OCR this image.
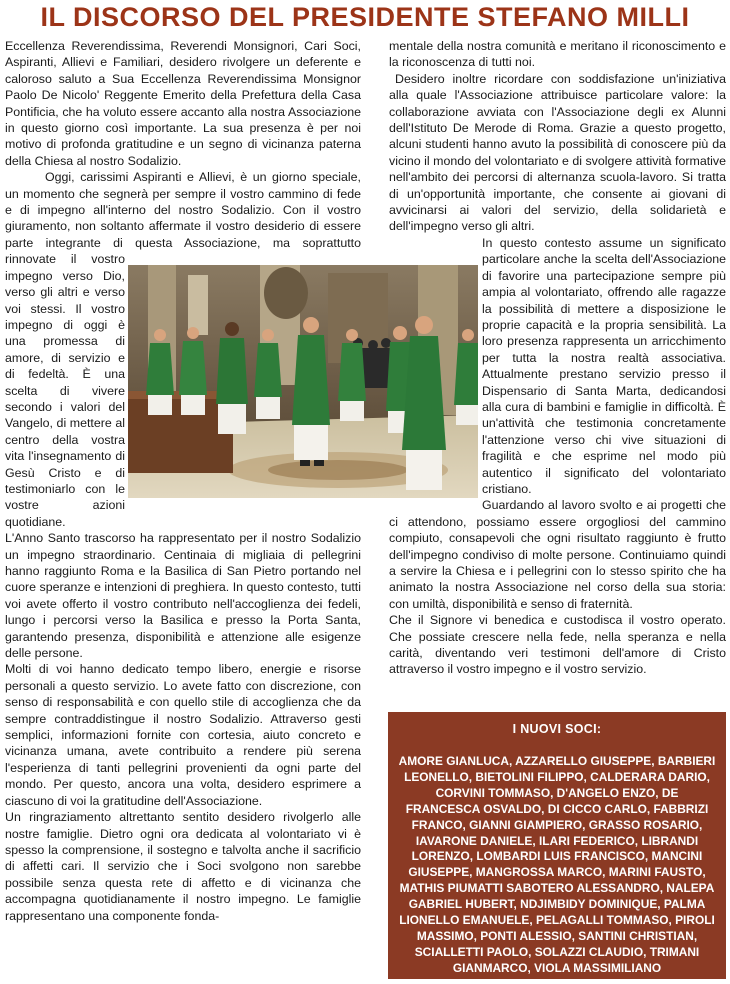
IL DISCORSO DEL PRESIDENTE STEFANO MILLI

Eccellenza Reverendissima, Reverendi Monsignori, Cari Soci, Aspiranti, Allievi e Familiari, desidero rivolgere un deferente e caloroso saluto a Sua Eccellenza Reverendissima Monsignor Paolo De Nicolo' Reggente Emerito della Prefettura della Casa Pontificia, che ha voluto essere accanto alla nostra Associazione in questo giorno così importante. La sua presenza è per noi motivo di profonda gratitudine e un segno di vicinanza paterna della Chiesa al nostro Sodalizio.

Oggi, carissimi Aspiranti e Allievi, è un giorno speciale, un momento che segnerà per sempre il vostro cammino di fede e di impegno all'interno del nostro Sodalizio. Con il vostro giuramento, non soltanto affermate il vostro desiderio di essere parte integrante di questa Associazione, ma soprattutto rinnovate il vostro impegno verso Dio, verso gli altri e verso voi stessi. Il vostro impegno di oggi è una promessa di amore, di servizio e di fedeltà. È una scelta di vivere secondo i valori del Vangelo, di mettere al centro della vostra vita l'insegnamento di Gesù Cristo e di testimoniarlo con le vostre azioni quotidiane.

L'Anno Santo trascorso ha rappresentato per il nostro Sodalizio un impegno straordinario. Centinaia di migliaia di pellegrini hanno raggiunto Roma e la Basilica di San Pietro portando nel cuore speranze e intenzioni di preghiera. In questo contesto, tutti voi avete offerto il vostro contributo nell'accoglienza dei fedeli, lungo i percorsi verso la Basilica e presso la Porta Santa, garantendo presenza, disponibilità e attenzione alle esigenze delle persone.

Molti di voi hanno dedicato tempo libero, energie e risorse personali a questo servizio. Lo avete fatto con discrezione, con senso di responsabilità e con quello stile di accoglienza che da sempre contraddistingue il nostro Sodalizio. Attraverso gesti semplici, informazioni fornite con cortesia, aiuto concreto e vicinanza umana, avete contribuito a rendere più serena l'esperienza di tanti pellegrini provenienti da ogni parte del mondo. Per questo, ancora una volta, desidero esprimere a ciascuno di voi la gratitudine dell'Associazione.

Un ringraziamento altrettanto sentito desidero rivolgerlo alle nostre famiglie. Dietro ogni ora dedicata al volontariato vi è spesso la comprensione, il sostegno e talvolta anche il sacrificio di affetti cari. Il servizio che i Soci svolgono non sarebbe possibile senza questa rete di affetto e di vicinanza che accompagna quotidianamente il nostro impegno. Le famiglie rappresentano una componente fonda-

mentale della nostra comunità e meritano il riconoscimento e la riconoscenza di tutti noi.

Desidero inoltre ricordare con soddisfazione un'iniziativa alla quale l'Associazione attribuisce particolare valore: la collaborazione avviata con l'Associazione degli ex Alunni dell'Istituto De Merode di Roma. Grazie a questo progetto, alcuni studenti hanno avuto la possibilità di conoscere più da vicino il mondo del volontariato e di svolgere attività formative nell'ambito dei percorsi di alternanza scuola-lavoro. Si tratta di un'opportunità importante, che consente ai giovani di avvicinarsi ai valori del servizio, della solidarietà e dell'impegno verso gli altri.

In questo contesto assume un significato particolare anche la scelta dell'Associazione di favorire una partecipazione sempre più ampia al volontariato, offrendo alle ragazze la possibilità di mettere a disposizione le proprie capacità e la propria sensibilità. La loro presenza rappresenta un arricchimento per tutta la nostra realtà associativa. Attualmente prestano servizio presso il Dispensario di Santa Marta, dedicandosi alla cura di bambini e famiglie in difficoltà. È un'attività che testimonia concretamente l'attenzione verso chi vive situazioni di fragilità e che esprime nel modo più autentico il significato del volontariato cristiano.

Guardando al lavoro svolto e ai progetti che ci attendono, possiamo essere orgogliosi del cammino compiuto, consapevoli che ogni risultato raggiunto è frutto dell'impegno condiviso di molte persone. Continuiamo quindi a servire la Chiesa e i pellegrini con lo stesso spirito che ha animato la nostra Associazione nel corso della sua storia: con umiltà, disponibilità e senso di fraternità.

Che il Signore vi benedica e custodisca il vostro operato. Che possiate crescere nella fede, nella speranza e nella carità, diventando veri testimoni dell'amore di Cristo attraverso il vostro impegno e il vostro servizio.

I NUOVI SOCI:
AMORE GIANLUCA, AZZARELLO GIUSEPPE, BARBIERI LEONELLO, BIETOLINI FILIPPO, CALDERARA DARIO, CORVINI TOMMASO, D'ANGELO ENZO, DE FRANCESCA OSVALDO, DI CICCO CARLO, FABBRIZI FRANCO, GIANNI GIAMPIERO, GRASSO ROSARIO, IAVARONE DANIELE, ILARI FEDERICO, LIBRANDI LORENZO, LOMBARDI LUIS FRANCISCO, MANCINI GIUSEPPE, MANGROSSA MARCO, MARINI FAUSTO, MATHIS PIUMATTI SABOTERO ALESSANDRO, NALEPA GABRIEL HUBERT, NDJIMBIDY DOMINIQUE, PALMA LIONELLO EMANUELE, PELAGALLI TOMMASO, PIROLI MASSIMO, PONTI ALESSIO, SANTINI CHRISTIAN, SCIALLETTI PAOLO, SOLAZZI CLAUDIO, TRIMANI GIANMARCO, VIOLA MASSIMILIANO
